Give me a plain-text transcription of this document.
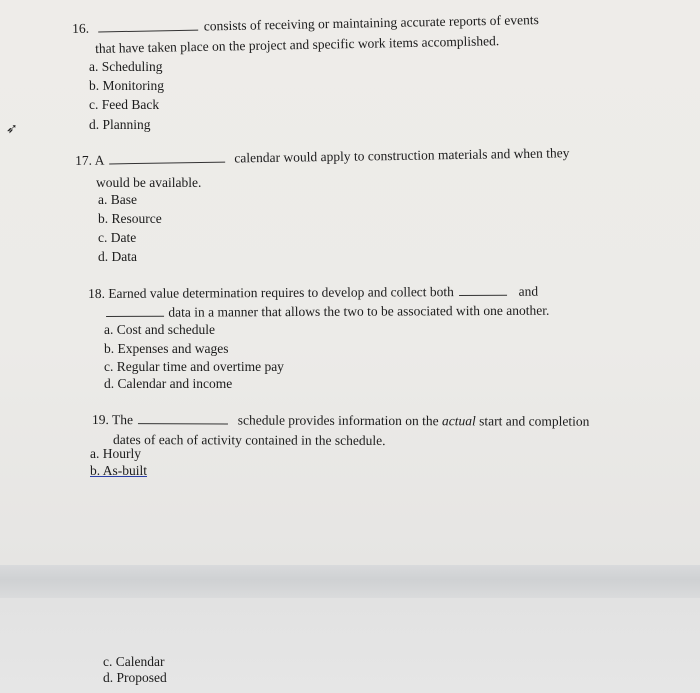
➶
16.	consists of receiving or maintaining accurate reports of events
that have taken place on the project and specific work items accomplished.
a. Scheduling
b. Monitoring
c. Feed Back
d. Planning
17. A	calendar would apply to construction materials and when they
would be available.
a. Base
b. Resource
c. Date
d. Data
18. Earned value determination requires to develop and collect both	and
data in a manner that allows the two to be associated with one another.
a. Cost and schedule
b. Expenses and wages
c. Regular time and overtime pay
d. Calendar and income
19. The	schedule provides information on the actual start and completion
dates of each of activity contained in the schedule.
a. Hourly
b. As-built
c. Calendar
d. Proposed
